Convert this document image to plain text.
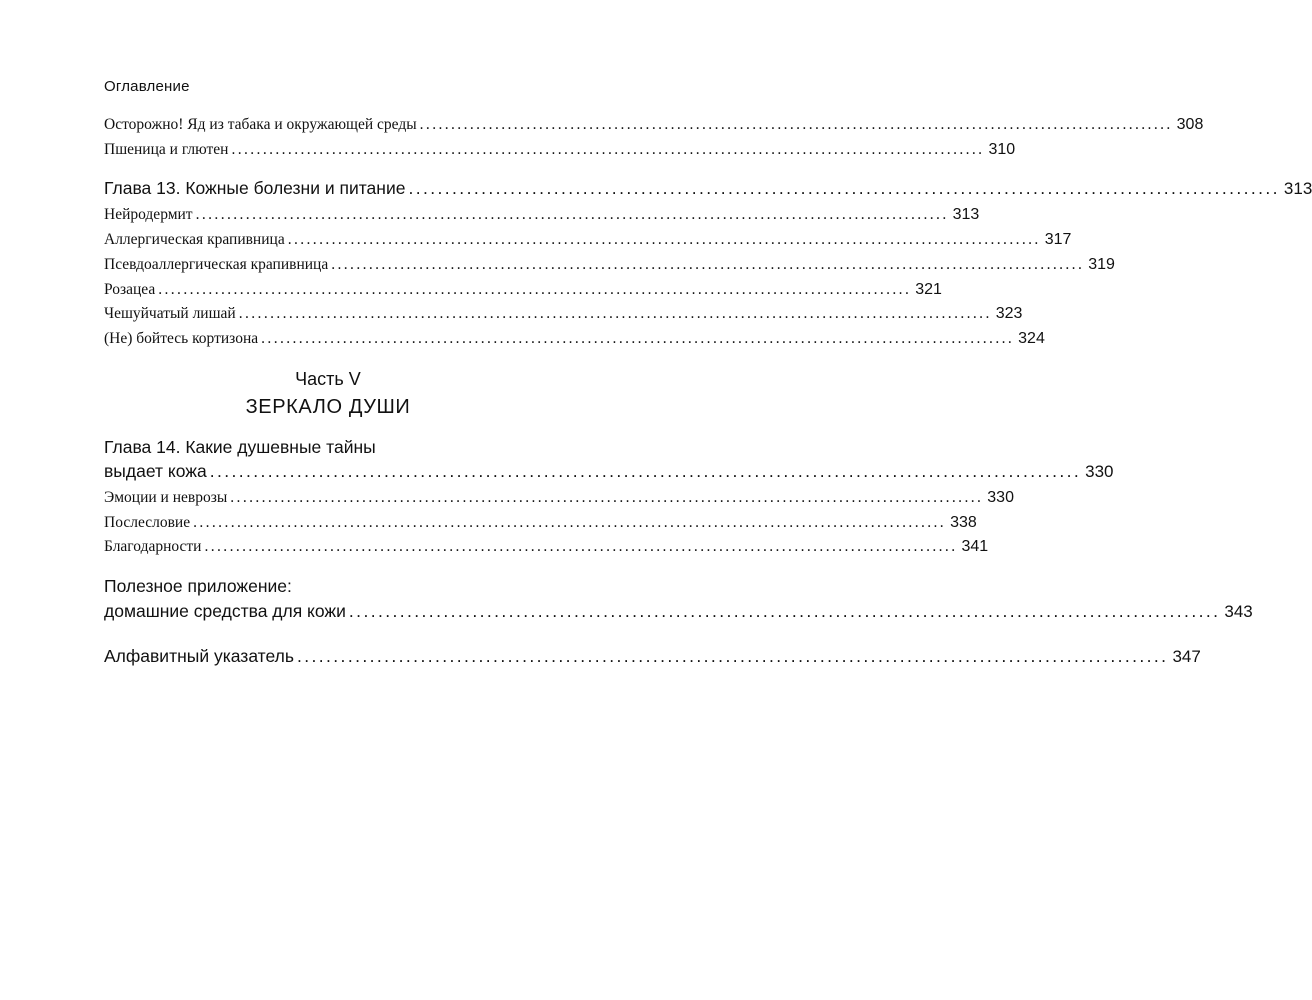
Оглавление
Осторожно! Яд из табака и окружающей среды ........................................................................................................................ 308
Пшеница и глютен ........................................................................................................................ 310
Глава 13. Кожные болезни и питание ........................................................................................................................ 313
Нейродермит ........................................................................................................................ 313
Аллергическая крапивница ........................................................................................................................ 317
Псевдоаллергическая крапивница ........................................................................................................................ 319
Розацеа ........................................................................................................................ 321
Чешуйчатый лишай ........................................................................................................................ 323
(Не) бойтесь кортизона ........................................................................................................................ 324
Часть V
ЗЕРКАЛО ДУШИ
Глава 14. Какие душевные тайны
выдает кожа ........................................................................................................................ 330
Эмоции и неврозы ........................................................................................................................ 330
Послесловие ........................................................................................................................ 338
Благодарности ........................................................................................................................ 341
Полезное приложение:
домашние средства для кожи ........................................................................................................................ 343
Алфавитный указатель ........................................................................................................................ 347
